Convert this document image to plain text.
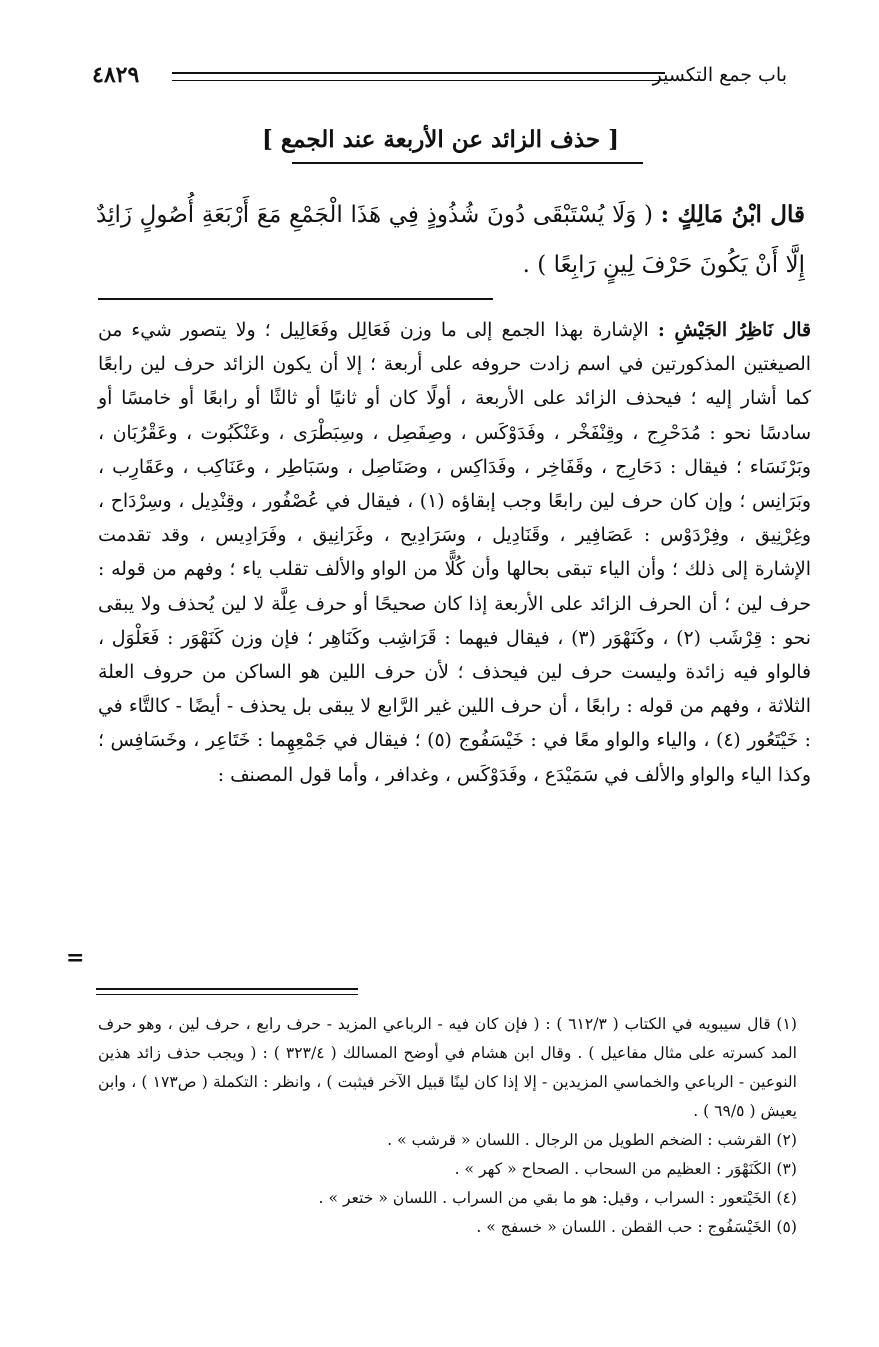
٤٨٢٩	باب جمع التكسير
[ حذف الزائد عن الأربعة عند الجمع ]
قال ابْنُ مَالِكٍ : ( وَلَا يُسْتَبْقَى دُونَ شُذُوذٍ فِي هَذَا الْجَمْعِ مَعَ أَرْبَعَةِ أُصُولٍ زَائِدٌ إِلَّا أَنْ يَكُونَ حَرْفَ لِينٍ رَابِعًا ) .

قال نَاظِرُ الجَيْشِ : الإشارة بهذا الجمع إلى ما وزن فَعَالِل وفَعَالِيل ؛ ولا يتصور شيء من الصيغتين المذكورتين في اسم زادت حروفه على أربعة ؛ إلا أن يكون الزائد حرف لين رابعًا كما أشار إليه ؛ فيحذف الزائد على الأربعة ، أولًا كان أو ثانيًا أو ثالثًا أو رابعًا أو خامسًا أو سادسًا نحو : مُدَحْرِج ، وقِنْفَخْر ، وفَدَوْكَس ، وصِفَصِل ، وسِبَطْرَى ، وعَنْكَبُوت ، وعَقْرُبَان ، وبَرْنَسَاء ؛ فيقال : دَحَارِج ، وقَفَاخِر ، وفَدَاكِس ، وصَنَاصِل ، وسَبَاطِر ، وعَنَاكِب ، وعَقَارِب ، وبَرَانِس ؛ وإن كان حرف لين رابعًا وجب إبقاؤه (١) ، فيقال في عُصْفُور ، وقِنْدِيل ، وسِرْدَاح ، وغِرْنِيق ، وفِرْدَوْس : عَصَافِير ، وقَنَادِيل ، وسَرَادِيح ، وغَرَانِيق ، وفَرَادِيس ، وقد تقدمت الإشارة إلى ذلك ؛ وأن الياء تبقى بحالها وأن كُلًّا من الواو والألف تقلب ياء ؛ وفهم من قوله : حرف لين ؛ أن الحرف الزائد على الأربعة إذا كان صحيحًا أو حرف عِلَّة لا لين يُحذف ولا يبقى نحو : قِرْشَب (٢) ، وكَنَهْوَر (٣) ، فيقال فيهما : قَرَاشِب وكَنَاهِر ؛ فإن وزن كَنَهْوَر : فَعَلْوَل ، فالواو فيه زائدة وليست حرف لين فيحذف ؛ لأن حرف اللين هو الساكن من حروف العلة الثلاثة ، وفهم من قوله : رابعًا ، أن حرف اللين غير الرَّابع لا يبقى بل يحذف - أيضًا - كالتَّاء في : خَيْتَعُور (٤) ، والياء والواو معًا في : خَيْسَفُوج (٥) ؛ فيقال في جَمْعِهِما : خَتَاعِر ، وخَسَافِس ؛ وكذا الياء والواو والألف في سَمَيْدَع ، وفَدَوْكَس ، وغدافر ، وأما قول المصنف :

=

(١) قال سيبويه في الكتاب ( ٦١٢/٣ ) : ( فإن كان فيه - الرباعي المزيد - حرف رابع ، حرف لين ، وهو حرف المد كسرته على مثال مفاعيل ) . وقال ابن هشام في أوضح المسالك ( ٣٢٣/٤ ) : ( ويجب حذف زائد هذين النوعين - الرباعي والخماسي المزيدين - إلا إذا كان لينًا قبيل الآخر فيثبت ) ، وانظر : التكملة ( ص١٧٣ ) ، وابن يعيش ( ٦٩/٥ ) .

(٢) القرشب : الضخم الطويل من الرجال . اللسان « قرشب » .

(٣) الكَنَهْوَر : العظيم من السحاب . الصحاح « كهر » .

(٤) الخَيْتعور : السراب ، وقيل: هو ما بقي من السراب . اللسان « ختعر » .

(٥) الخَيْسَفُوج : حب القطن . اللسان « خسفج » .
